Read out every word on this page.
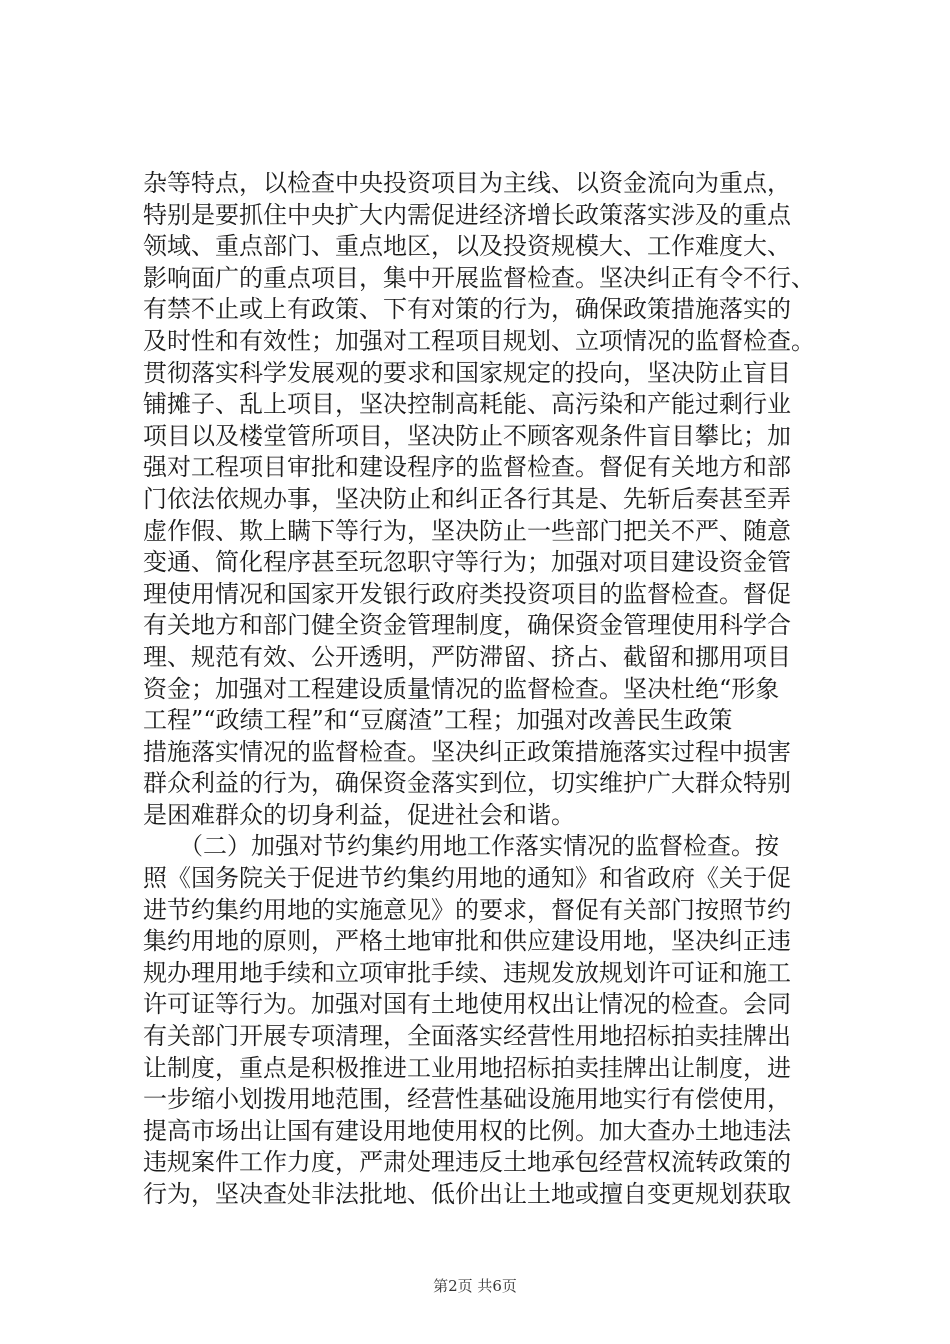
杂等特点，以检查中央投资项目为主线、以资金流向为重点，
特别是要抓住中央扩大内需促进经济增长政策落实涉及的重点
领域、重点部门、重点地区，以及投资规模大、工作难度大、
影响面广的重点项目，集中开展监督检查。坚决纠正有令不行、
有禁不止或上有政策、下有对策的行为，确保政策措施落实的
及时性和有效性；加强对工程项目规划、立项情况的监督检查。
贯彻落实科学发展观的要求和国家规定的投向，坚决防止盲目
铺摊子、乱上项目，坚决控制高耗能、高污染和产能过剩行业
项目以及楼堂管所项目，坚决防止不顾客观条件盲目攀比；加
强对工程项目审批和建设程序的监督检查。督促有关地方和部
门依法依规办事，坚决防止和纠正各行其是、先斩后奏甚至弄
虚作假、欺上瞒下等行为，坚决防止一些部门把关不严、随意
变通、简化程序甚至玩忽职守等行为；加强对项目建设资金管
理使用情况和国家开发银行政府类投资项目的监督检查。督促
有关地方和部门健全资金管理制度，确保资金管理使用科学合
理、规范有效、公开透明，严防滞留、挤占、截留和挪用项目
资金；加强对工程建设质量情况的监督检查。坚决杜绝“形象
工程”“政绩工程”和“豆腐渣”工程；加强对改善民生政策
措施落实情况的监督检查。坚决纠正政策措施落实过程中损害
群众利益的行为，确保资金落实到位，切实维护广大群众特别
是困难群众的切身利益，促进社会和谐。
　　（二）加强对节约集约用地工作落实情况的监督检查。按
照《国务院关于促进节约集约用地的通知》和省政府《关于促
进节约集约用地的实施意见》的要求，督促有关部门按照节约
集约用地的原则，严格土地审批和供应建设用地，坚决纠正违
规办理用地手续和立项审批手续、违规发放规划许可证和施工
许可证等行为。加强对国有土地使用权出让情况的检查。会同
有关部门开展专项清理，全面落实经营性用地招标拍卖挂牌出
让制度，重点是积极推进工业用地招标拍卖挂牌出让制度，进
一步缩小划拨用地范围，经营性基础设施用地实行有偿使用，
提高市场出让国有建设用地使用权的比例。加大查办土地违法
违规案件工作力度，严肃处理违反土地承包经营权流转政策的
行为，坚决查处非法批地、低价出让土地或擅自变更规划获取
第2页 共6页
